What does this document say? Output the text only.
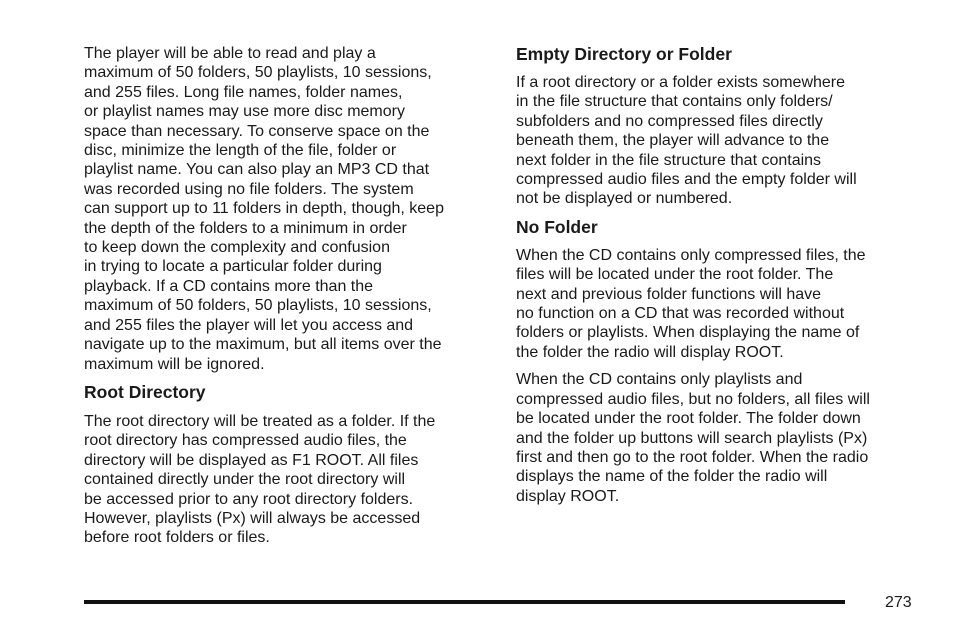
The player will be able to read and play a
maximum of 50 folders, 50 playlists, 10 sessions,
and 255 files. Long file names, folder names,
or playlist names may use more disc memory
space than necessary. To conserve space on the
disc, minimize the length of the file, folder or
playlist name. You can also play an MP3 CD that
was recorded using no file folders. The system
can support up to 11 folders in depth, though, keep
the depth of the folders to a minimum in order
to keep down the complexity and confusion
in trying to locate a particular folder during
playback. If a CD contains more than the
maximum of 50 folders, 50 playlists, 10 sessions,
and 255 files the player will let you access and
navigate up to the maximum, but all items over the
maximum will be ignored.
Root Directory
The root directory will be treated as a folder. If the
root directory has compressed audio files, the
directory will be displayed as F1 ROOT. All files
contained directly under the root directory will
be accessed prior to any root directory folders.
However, playlists (Px) will always be accessed
before root folders or files.
Empty Directory or Folder
If a root directory or a folder exists somewhere
in the file structure that contains only folders/
subfolders and no compressed files directly
beneath them, the player will advance to the
next folder in the file structure that contains
compressed audio files and the empty folder will
not be displayed or numbered.
No Folder
When the CD contains only compressed files, the
files will be located under the root folder. The
next and previous folder functions will have
no function on a CD that was recorded without
folders or playlists. When displaying the name of
the folder the radio will display ROOT.
When the CD contains only playlists and
compressed audio files, but no folders, all files will
be located under the root folder. The folder down
and the folder up buttons will search playlists (Px)
first and then go to the root folder. When the radio
displays the name of the folder the radio will
display ROOT.
273
